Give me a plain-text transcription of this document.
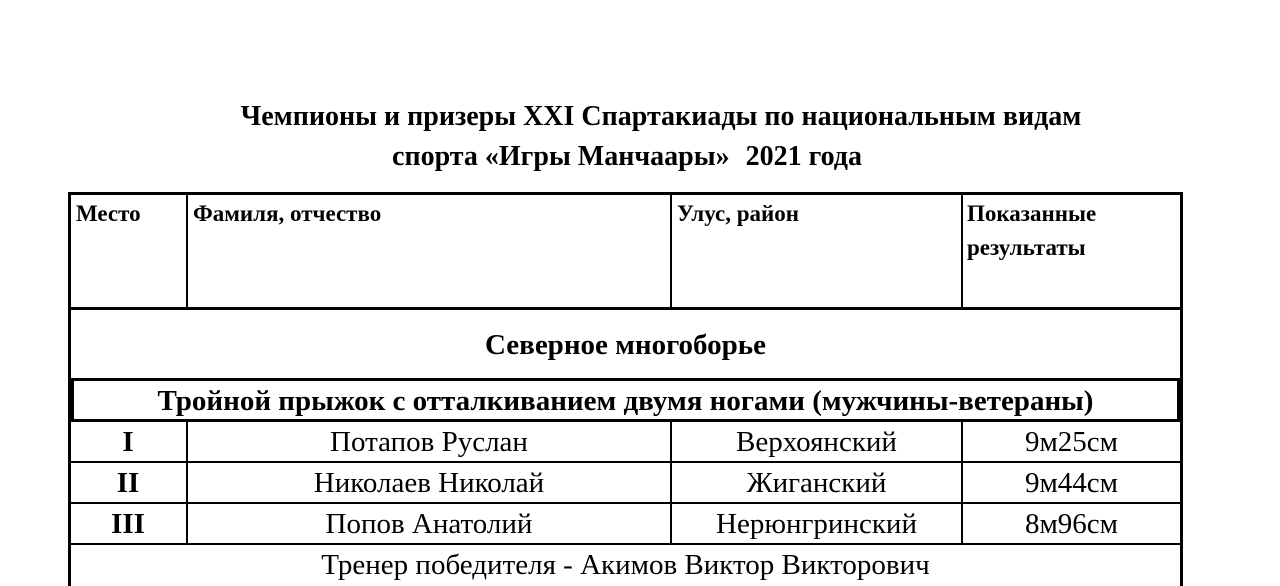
Чемпионы и призеры XXI Спартакиады по национальным видам
спорта «Игры Манчаары» 2021 года
Место	Фамиля, отчество	Улус, район	Показанные результаты
Северное многоборье
Тройной прыжок с отталкиванием двумя ногами (мужчины-ветераны)
I	Потапов Руслан	Верхоянский	9м25см
II	Николаев Николай	Жиганский	9м44см
III	Попов Анатолий	Нерюнгринский	8м96см
Тренер победителя - Акимов Виктор Викторович
